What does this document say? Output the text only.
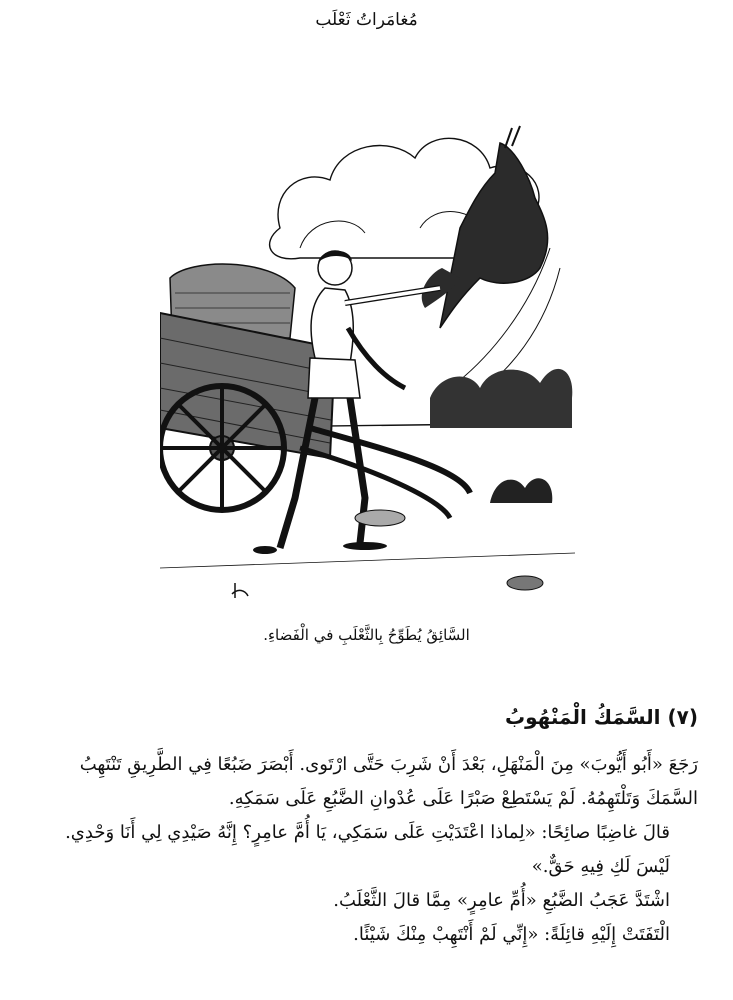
مُغامَراتُ ثَعْلَب
السَّائِقُ يُطَوِّحُ بِالثَّعْلَبِ في الْفَضاءِ.
(٧) السَّمَكُ الْمَنْهُوبُ

رَجَعَ «أَبُو أَيُّوبَ» مِنَ الْمَنْهَلِ، بَعْدَ أَنْ شَرِبَ حَتَّى ارْتَوى. أَبْصَرَ ضَبُعًا فِي الطَّرِيقِ تَنْتَهِبُ السَّمَكَ وَتَلْتَهِمُهُ. لَمْ يَسْتَطِعْ صَبْرًا عَلَى عُدْوانِ الضَّبُعِ عَلَى سَمَكِهِ.

قالَ غاضِبًا صائِحًا: «لِماذا اعْتَدَيْتِ عَلَى سَمَكِي، يَا أُمَّ عامِرٍ؟ إِنَّهُ صَيْدِي لِي أَنَا وَحْدِي. لَيْسَ لَكِ فِيهِ حَقٌّ.»

اشْتَدَّ عَجَبُ الضَّبُعِ «أُمِّ عامِرٍ» مِمَّا قالَ الثَّعْلَبُ.

الْتَفَتَتْ إِلَيْهِ قائِلَةً: «إِنِّي لَمْ أَنْتَهِبْ مِنْكَ شَيْئًا.
